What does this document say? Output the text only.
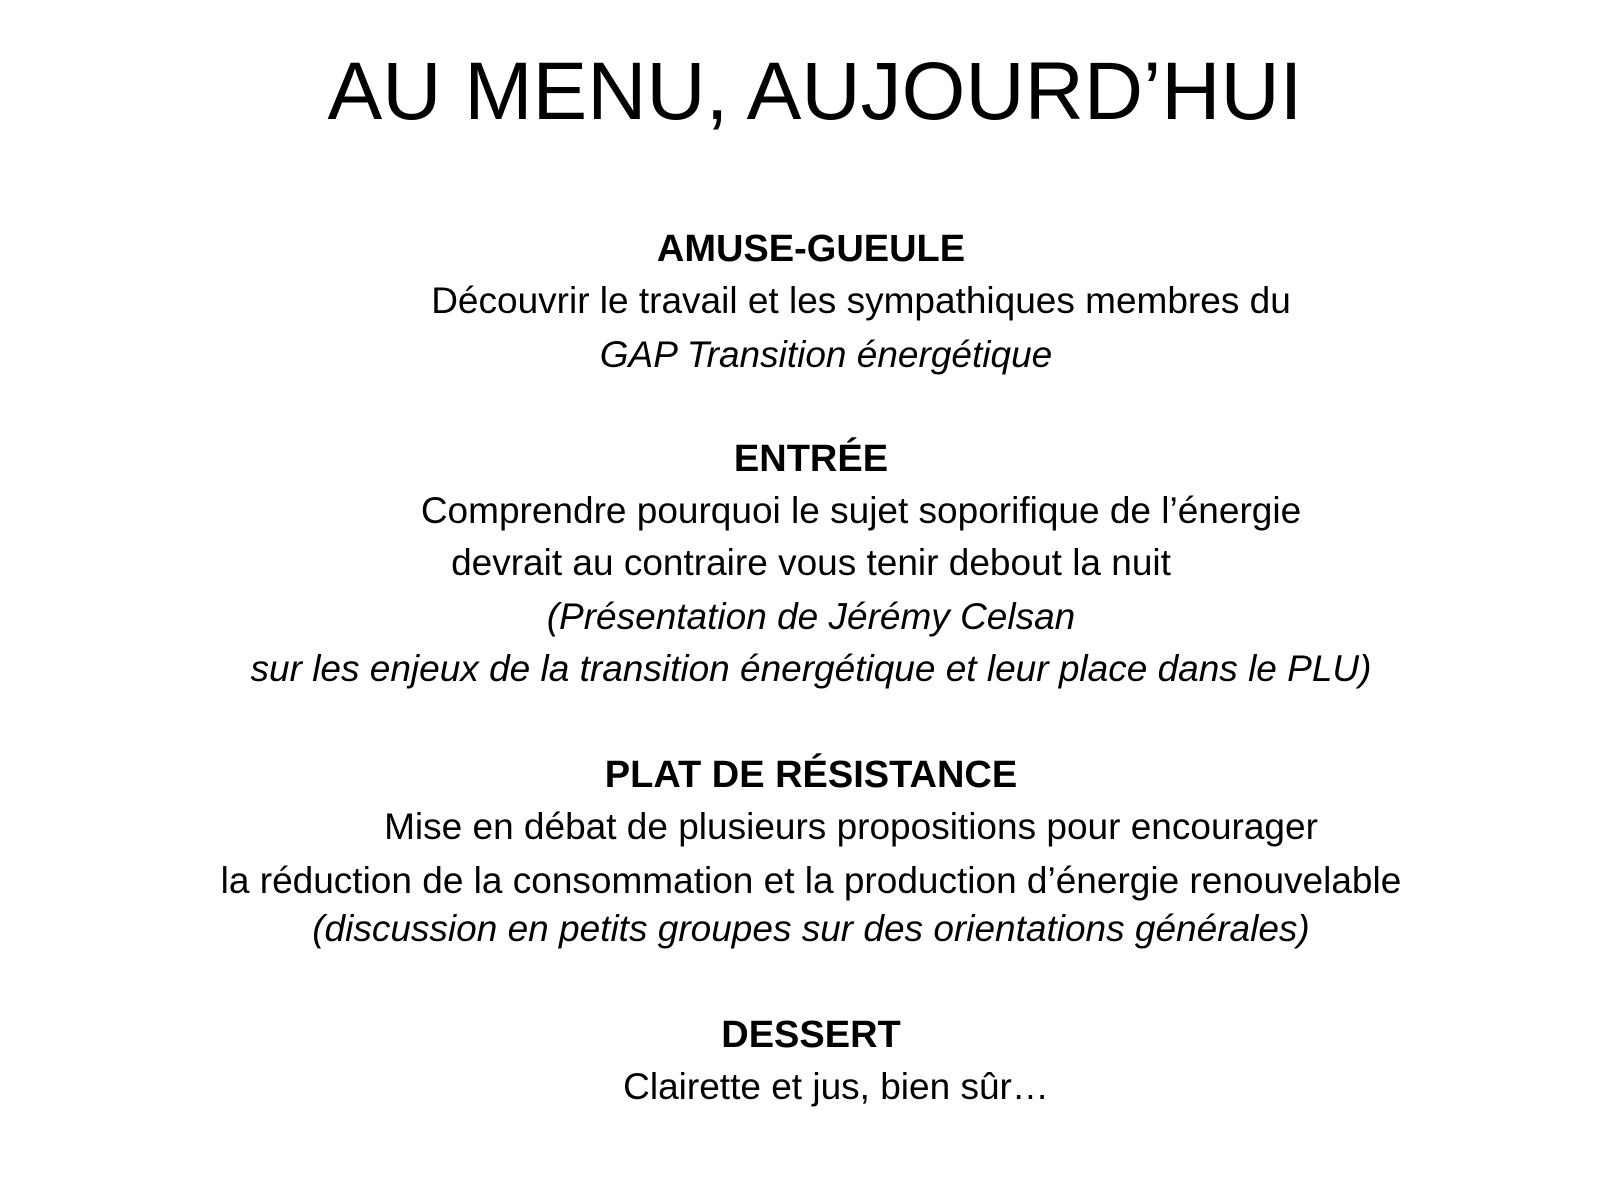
AU MENU, AUJOURD’HUI
AMUSE-GUEULE
Découvrir le travail et les sympathiques membres du
GAP Transition énergétique
ENTRÉE
Comprendre pourquoi le sujet soporifique de l’énergie
devrait au contraire vous tenir debout la nuit
(Présentation de Jérémy Celsan
sur les enjeux de la transition énergétique et leur place dans le PLU)
PLAT DE RÉSISTANCE
Mise en débat de plusieurs propositions pour encourager
la réduction de la consommation et la production d’énergie renouvelable
(discussion en petits groupes sur des orientations générales)
DESSERT
Clairette et jus, bien sûr…
